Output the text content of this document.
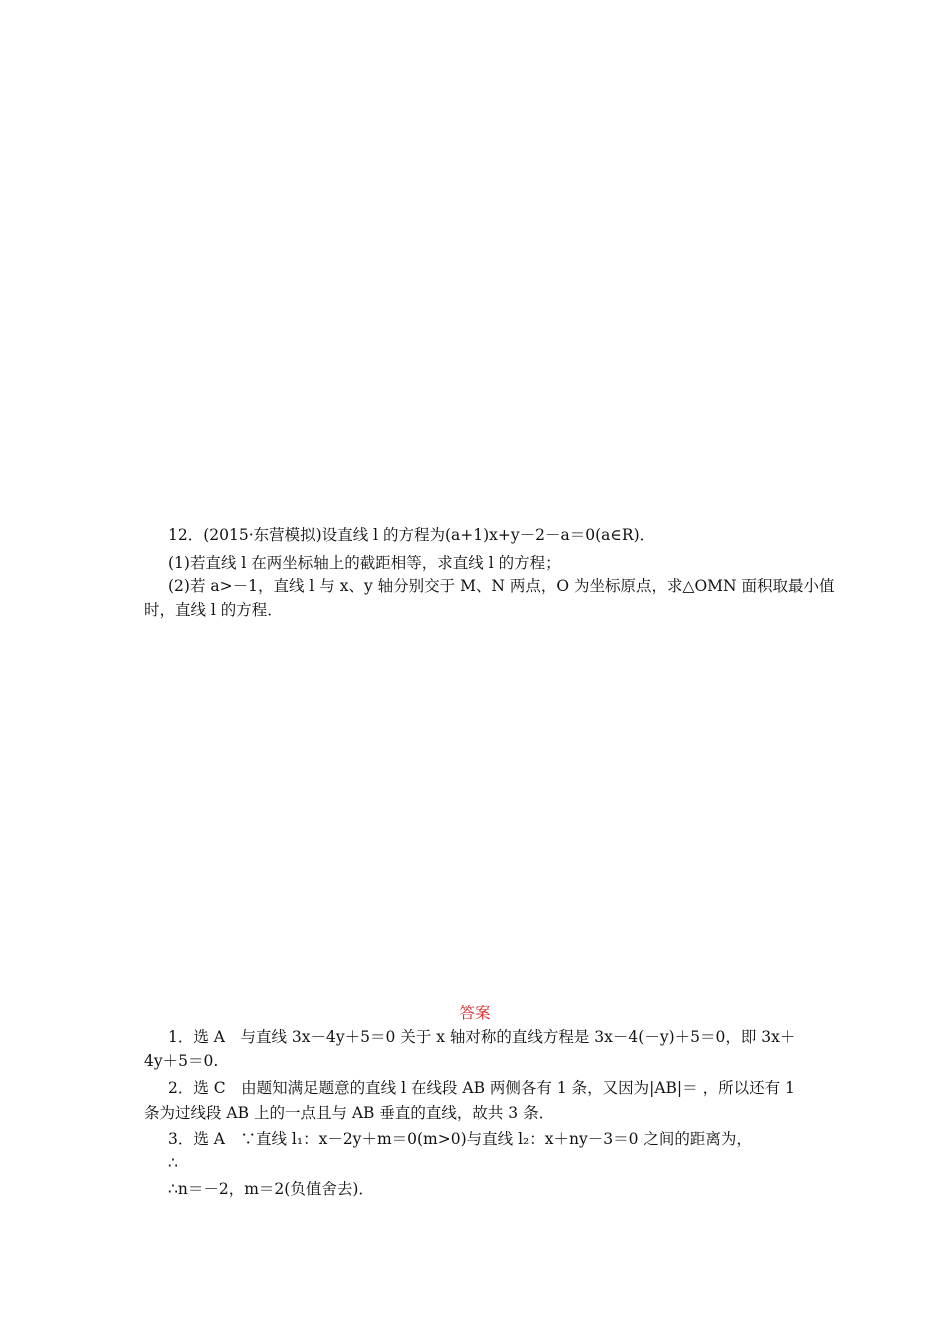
12．(2015·东营模拟)设直线 l 的方程为(a+1)x+y－2－a＝0(a∈R)．
(1)若直线 l 在两坐标轴上的截距相等，求直线 l 的方程；
(2)若 a>－1，直线 l 与 x、y 轴分别交于 M、N 两点，O 为坐标原点，求△OMN 面积取最小值
时，直线 l 的方程．
答案
1．选 A　与直线 3x－4y＋5＝0 关于 x 轴对称的直线方程是 3x－4(－y)＋5＝0，即 3x＋
4y＋5＝0.
2．选 C　由题知满足题意的直线 l 在线段 AB 两侧各有 1 条，又因为|AB|＝ ，所以还有 1
条为过线段 AB 上的一点且与 AB 垂直的直线，故共 3 条．
3．选 A　∵直线 l₁：x－2y＋m＝0(m>0)与直线 l₂：x＋ny－3＝0 之间的距离为，
∴
∴n＝－2，m＝2(负值舍去)．
